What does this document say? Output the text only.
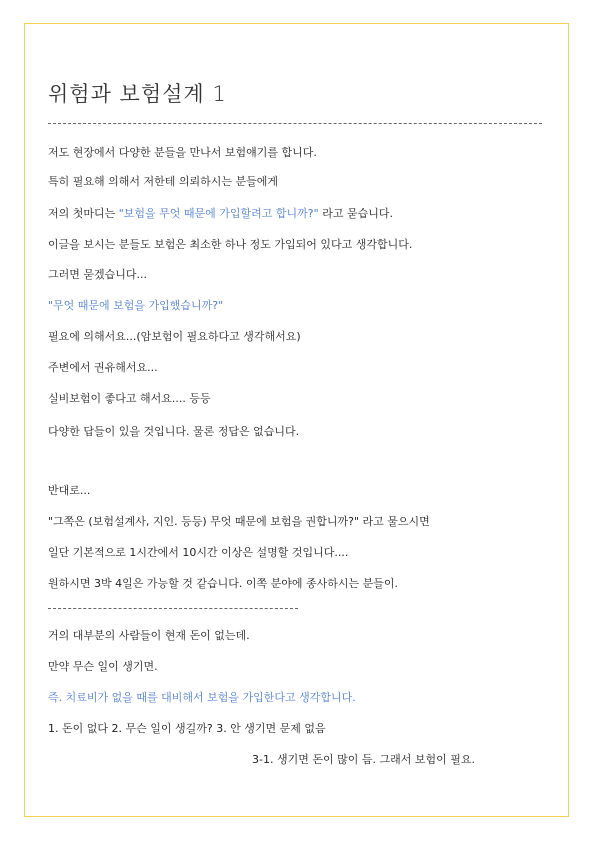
위험과 보험설계 1
저도 현장에서 다양한 분들을 만나서 보험얘기를 합니다.
특히 필요해 의해서 저한테 의뢰하시는 분들에게
저의 첫마디는 "보험을 무엇 때문에 가입할려고 합니까?" 라고 묻습니다.
이글을 보시는 분들도 보험은 최소한 하나 정도 가입되어 있다고 생각합니다.
그러면 묻겠습니다...
"무엇 때문에 보험을 가입했습니까?"
필요에 의해서요...(암보험이 필요하다고 생각해서요)
주변에서 권유해서요...
실비보험이 좋다고 해서요.... 등등
다양한 답들이 있을 것입니다. 물론 정답은 없습니다.
반대로...
"그쪽은 (보험설계사, 지인. 등등) 무엇 때문에 보험을 권합니까?" 라고 물으시면
일단 기본적으로 1시간에서 10시간 이상은 설명할 것입니다....
원하시면 3박 4일은 가능할 것 같습니다. 이쪽 분야에 종사하시는 분들이.
거의 대부분의 사람들이 현재 돈이 없는데.
만약 무슨 일이 생기면.
즉. 치료비가 없을 때를 대비해서 보험을 가입한다고 생각합니다.
1. 돈이 없다 2. 무슨 일이 생길까? 3. 안 생기면 문제 없음
3-1. 생기면 돈이 많이 듬. 그래서 보험이 필요.
